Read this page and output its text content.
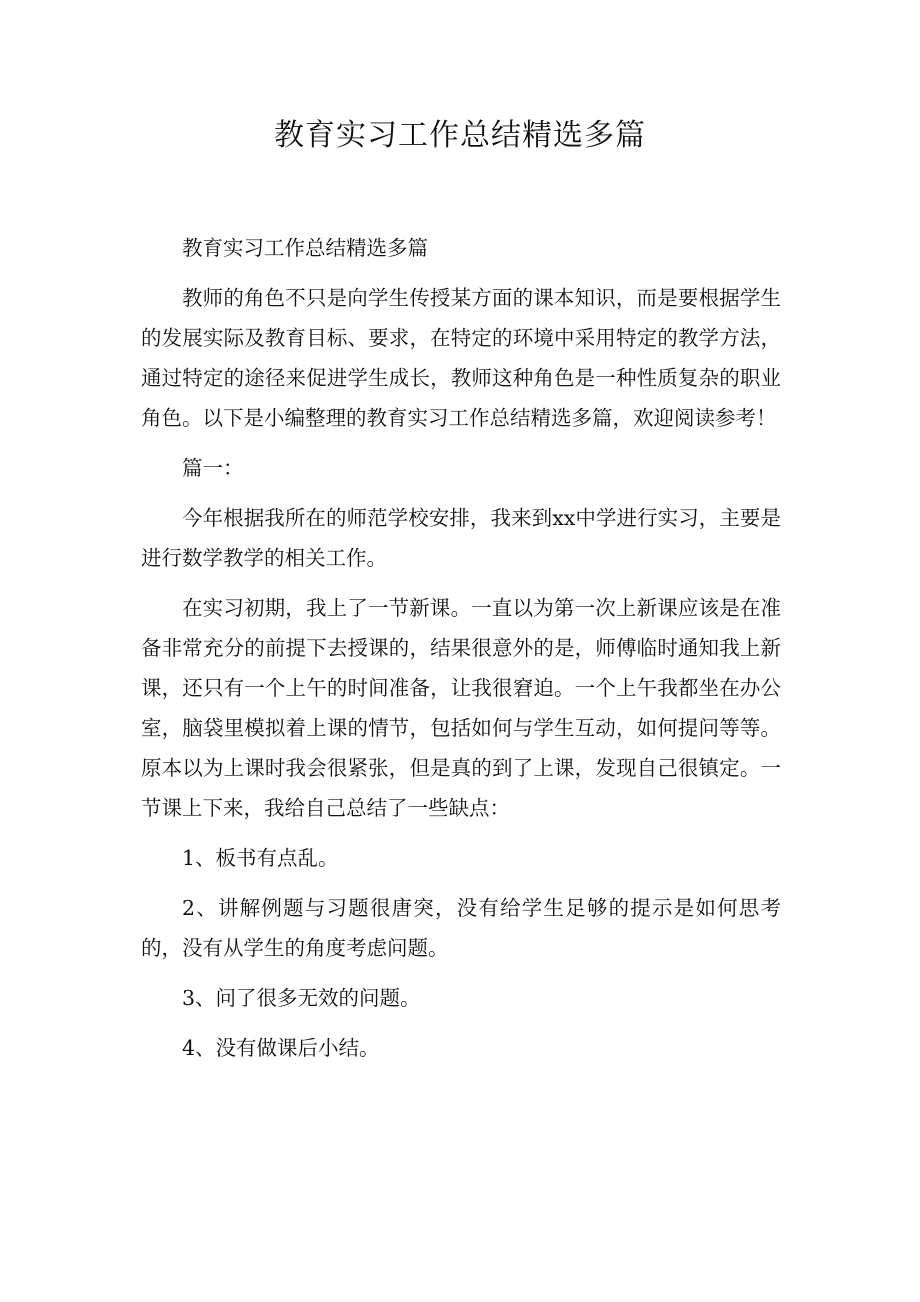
教育实习工作总结精选多篇

教育实习工作总结精选多篇

教师的角色不只是向学生传授某方面的课本知识，而是要根据学生的发展实际及教育目标、要求，在特定的环境中采用特定的教学方法，通过特定的途径来促进学生成长，教师这种角色是一种性质复杂的职业角色。以下是小编整理的教育实习工作总结精选多篇，欢迎阅读参考！

篇一：

今年根据我所在的师范学校安排，我来到xx中学进行实习，主要是进行数学教学的相关工作。

在实习初期，我上了一节新课。一直以为第一次上新课应该是在准备非常充分的前提下去授课的，结果很意外的是，师傅临时通知我上新课，还只有一个上午的时间准备，让我很窘迫。一个上午我都坐在办公室，脑袋里模拟着上课的情节，包括如何与学生互动，如何提问等等。原本以为上课时我会很紧张，但是真的到了上课，发现自己很镇定。一节课上下来，我给自己总结了一些缺点：

1、板书有点乱。

2、讲解例题与习题很唐突，没有给学生足够的提示是如何思考的，没有从学生的角度考虑问题。

3、问了很多无效的问题。

4、没有做课后小结。
